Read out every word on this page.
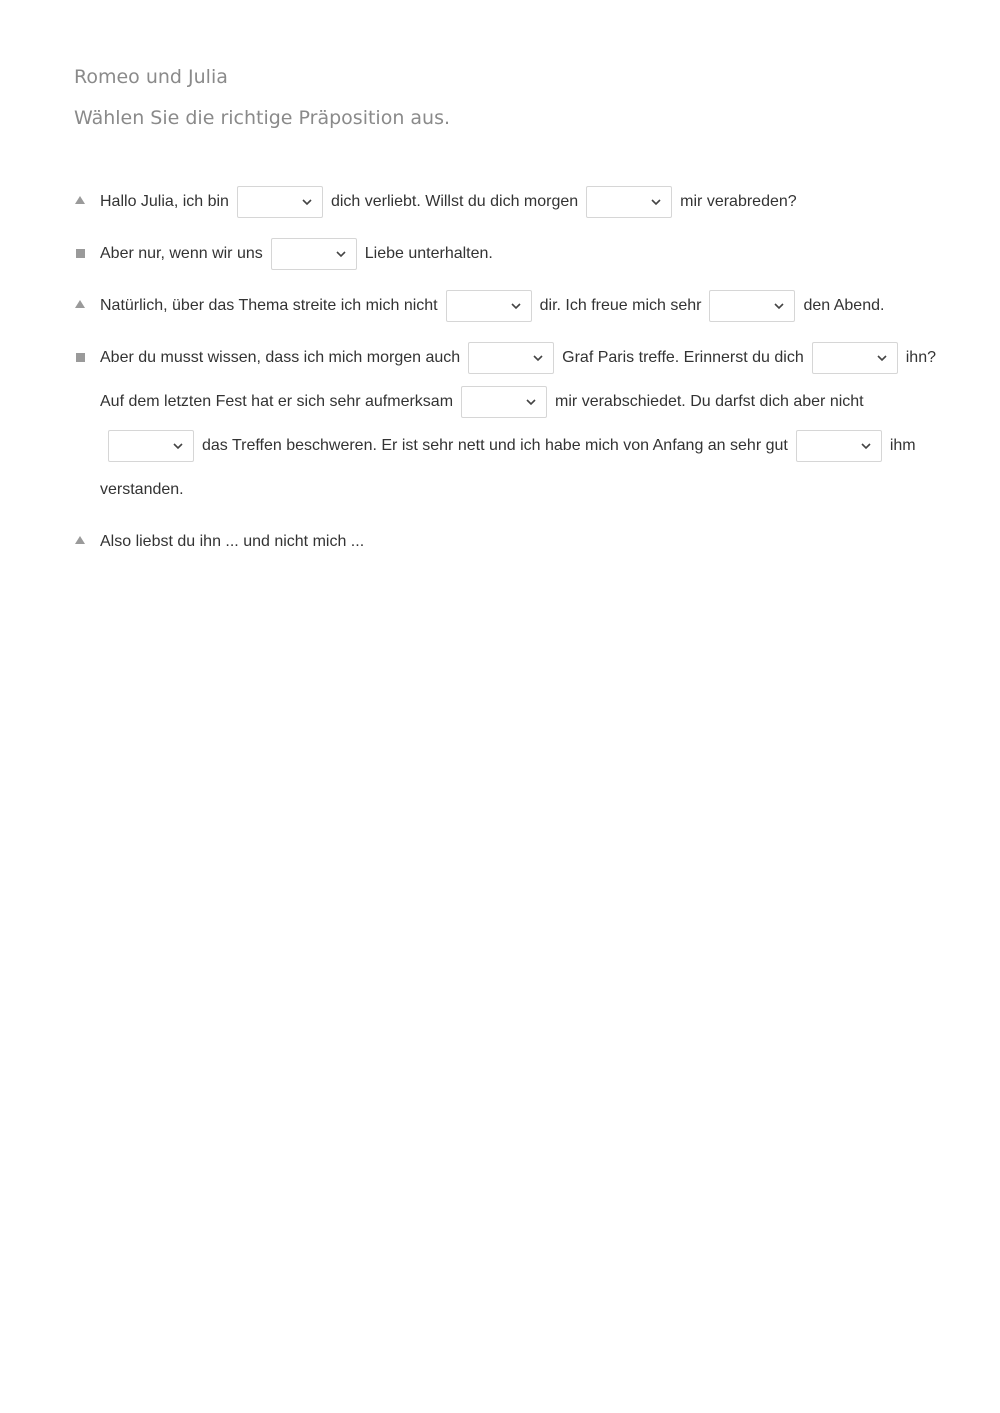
Romeo und Julia
Wählen Sie die richtige Präposition aus.
Hallo Julia, ich bin	dich verliebt. Willst du dich morgen	mir verabreden?
Aber nur, wenn wir uns	Liebe unterhalten.
Natürlich, über das Thema streite ich mich nicht	dir. Ich freue mich sehr	den Abend.
Aber du musst wissen, dass ich mich morgen auch	Graf Paris treffe. Erinnerst du dich	ihn? Auf dem letzten Fest hat er sich sehr aufmerksam	mir verabschiedet. Du darfst dich aber nicht
das Treffen beschweren. Er ist sehr nett und ich habe mich von Anfang an sehr gut	ihm verstanden.
Also liebst du ihn ... und nicht mich ...
